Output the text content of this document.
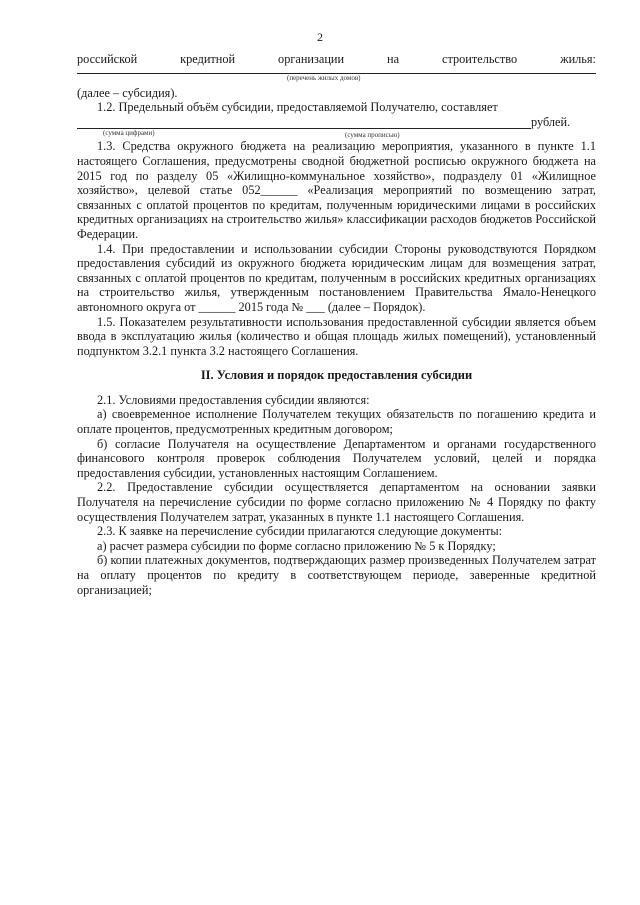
2
российской	кредитной	организации	на	строительство	жилья:
(перечень жилых домов)

(далее – субсидия).

1.2. Предельный объём субсидии, предоставляемой Получателю, составляет

рублей.
(сумма цифрами)	(сумма прописью)

1.3. Средства окружного бюджета на реализацию мероприятия, указанного в пункте 1.1 настоящего Соглашения, предусмотрены сводной бюджетной росписью окружного бюджета на 2015 год по разделу 05 «Жилищно-коммунальное хозяйство», подразделу 01 «Жилищное хозяйство», целевой статье 052______ «Реализация мероприятий по возмещению затрат, связанных с оплатой процентов по кредитам, полученным юридическими лицами в российских кредитных организациях на строительство жилья» классификации расходов бюджетов Российской Федерации.

1.4. При предоставлении и использовании субсидии Стороны руководствуются Порядком предоставления субсидий из окружного бюджета юридическим лицам для возмещения затрат, связанных с оплатой процентов по кредитам, полученным в российских кредитных организациях на строительство жилья, утвержденным постановлением Правительства Ямало-Ненецкого автономного округа от ______ 2015 года № ___ (далее – Порядок).

1.5. Показателем результативности использования предоставленной субсидии является объем ввода в эксплуатацию жилья (количество и общая площадь жилых помещений), установленный подпунктом 3.2.1 пункта 3.2 настоящего Соглашения.

II. Условия и порядок предоставления субсидии

2.1. Условиями предоставления субсидии являются:

а) своевременное исполнение Получателем текущих обязательств по погашению кредита и оплате процентов, предусмотренных кредитным договором;

б) согласие Получателя на осуществление Департаментом и органами государственного финансового контроля проверок соблюдения Получателем условий, целей и порядка предоставления субсидии, установленных настоящим Соглашением.

2.2. Предоставление субсидии осуществляется департаментом на основании заявки Получателя на перечисление субсидии по форме согласно приложению № 4 Порядку по факту осуществления Получателем затрат, указанных в пункте 1.1 настоящего Соглашения.

2.3. К заявке на перечисление субсидии прилагаются следующие документы:

а) расчет размера субсидии по форме согласно приложению № 5 к Порядку;

б) копии платежных документов, подтверждающих размер произведенных Получателем затрат на оплату процентов по кредиту в соответствующем периоде, заверенные кредитной организацией;
